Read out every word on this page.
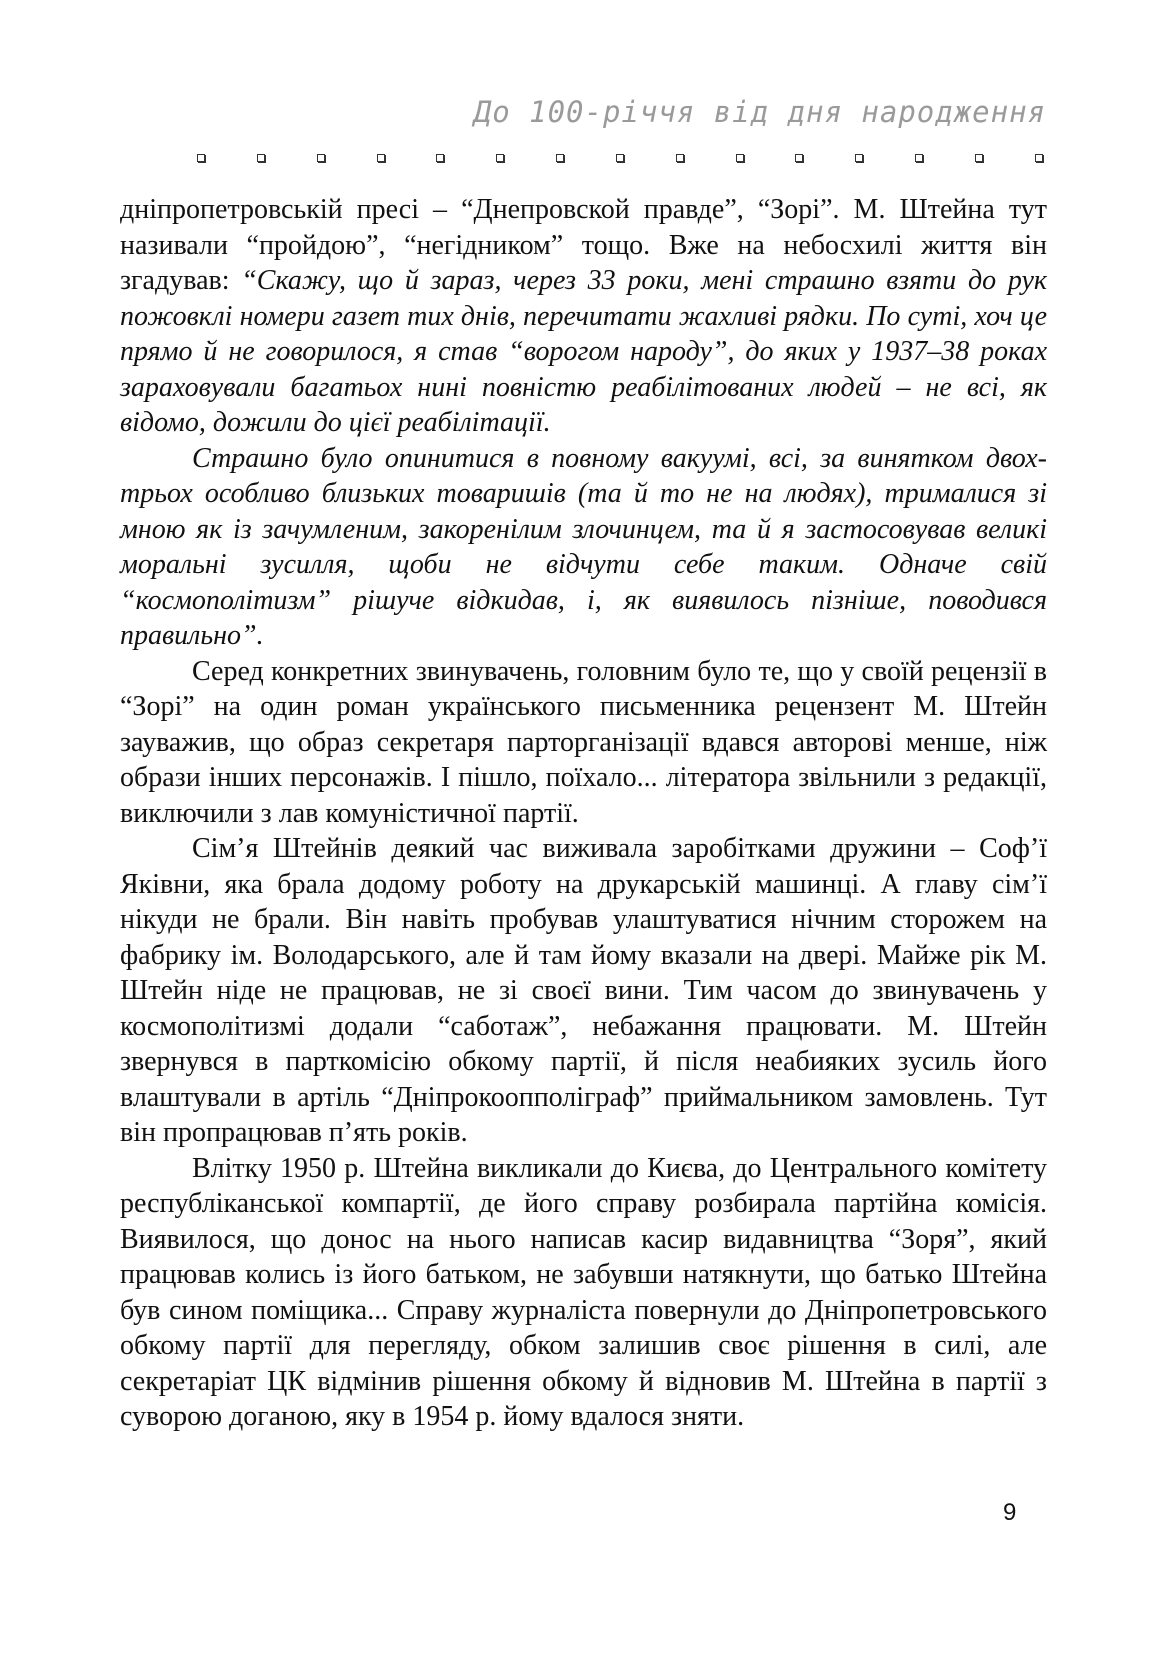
До 100-річчя від дня народження

дніпропетровській пресі – “Днепровской правде”, “Зорі”. М. Штейна тут називали “пройдою”, “негідником” тощо. Вже на небосхилі життя він згадував: “Скажу, що й зараз, через 33 роки, мені страшно взяти до рук пожовклі номери газет тих днів, перечитати жахливі рядки. По суті, хоч це прямо й не говорилося, я став “ворогом народу”, до яких у 1937–38 роках зараховували багатьох нині повністю реабілітованих людей – не всі, як відомо, дожили до цієї реабілітації.

Страшно було опинитися в повному вакуумі, всі, за винятком двох-трьох особливо близьких товаришів (та й то не на людях), трималися зі мною як із зачумленим, закоренілим злочинцем, та й я застосовував великі моральні зусилля, щоби не відчути себе таким. Одначе свій “космополітизм” рішуче відкидав, і, як виявилось пізніше, поводився правильно”.

Серед конкретних звинувачень, головним було те, що у своїй рецензії в “Зорі” на один роман українського письменника рецензент М. Штейн зауважив, що образ секретаря парторганізації вдався авторові менше, ніж образи інших персонажів. І пішло, поїхало... літератора звільнили з редакції, виключили з лав комуністичної партії.

Сім’я Штейнів деякий час виживала заробітками дружини – Соф’ї Яківни, яка брала додому роботу на друкарській машинці. А главу сім’ї нікуди не брали. Він навіть пробував улаштуватися нічним сторожем на фабрику ім. Володарського, але й там йому вказали на двері. Майже рік М. Штейн ніде не працював, не зі своєї вини. Тим часом до звинувачень у космополітизмі додали “саботаж”, небажання працювати. М. Штейн звернувся в парткомісію обкому партії, й після неабияких зусиль його влаштували в артіль “Дніпрокоопполіграф” приймальником замовлень. Тут він пропрацював п’ять років.

Влітку 1950 р. Штейна викликали до Києва, до Центрального комітету республіканської компартії, де його справу розбирала партійна комісія. Виявилося, що донос на нього написав касир видавництва “Зоря”, який працював колись із його батьком, не забувши натякнути, що батько Штейна був сином поміщика... Справу журналіста повернули до Дніпропетровського обкому партії для перегляду, обком залишив своє рішення в силі, але секретаріат ЦК відмінив рішення обкому й відновив М. Штейна в партії з суворою доганою, яку в 1954 р. йому вдалося зняти.

9
